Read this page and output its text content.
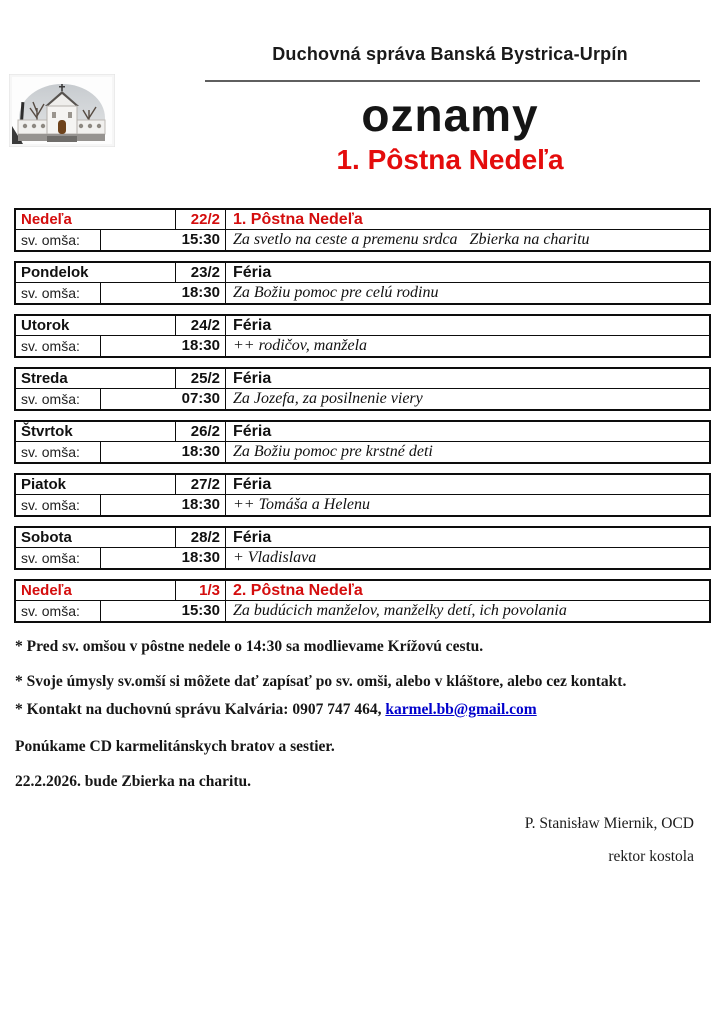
Duchovná správa Banská Bystrica-Urpín
oznamy
1. Pôstna Nedeľa
Nedeľa	22/2 1. Pôstna Nedeľa
sv. omša:	15:30 Za svetlo na ceste a premenu srdca   Zbierka na charitu
Pondelok	23/2 Féria
sv. omša:	18:30 Za Božiu pomoc pre celú rodinu
Utorok	24/2 Féria
sv. omša:	18:30 ++ rodičov, manžela
Streda	25/2 Féria
sv. omša:	07:30 Za Jozefa, za posilnenie viery
Štvrtok	26/2 Féria
sv. omša:	18:30 Za Božiu pomoc pre krstné deti
Piatok	27/2 Féria
sv. omša:	18:30 ++ Tomáša a Helenu
Sobota	28/2 Féria
sv. omša:	18:30 + Vladislava
Nedeľa	1/3 2. Pôstna Nedeľa
sv. omša:	15:30 Za budúcich manželov, manželky detí, ich povolania
* Pred sv. omšou v pôstne nedele o 14:30 sa modlievame Krížovú cestu.
* Svoje úmysly sv.omší si môžete dať zapísať po sv. omši, alebo v kláštore, alebo cez kontakt.
* Kontakt na duchovnú správu Kalvária: 0907 747 464, karmel.bb@gmail.com
Ponúkame CD karmelitánskych bratov a sestier.
22.2.2026. bude Zbierka na charitu.
P. Stanisław Miernik, OCD
rektor kostola
